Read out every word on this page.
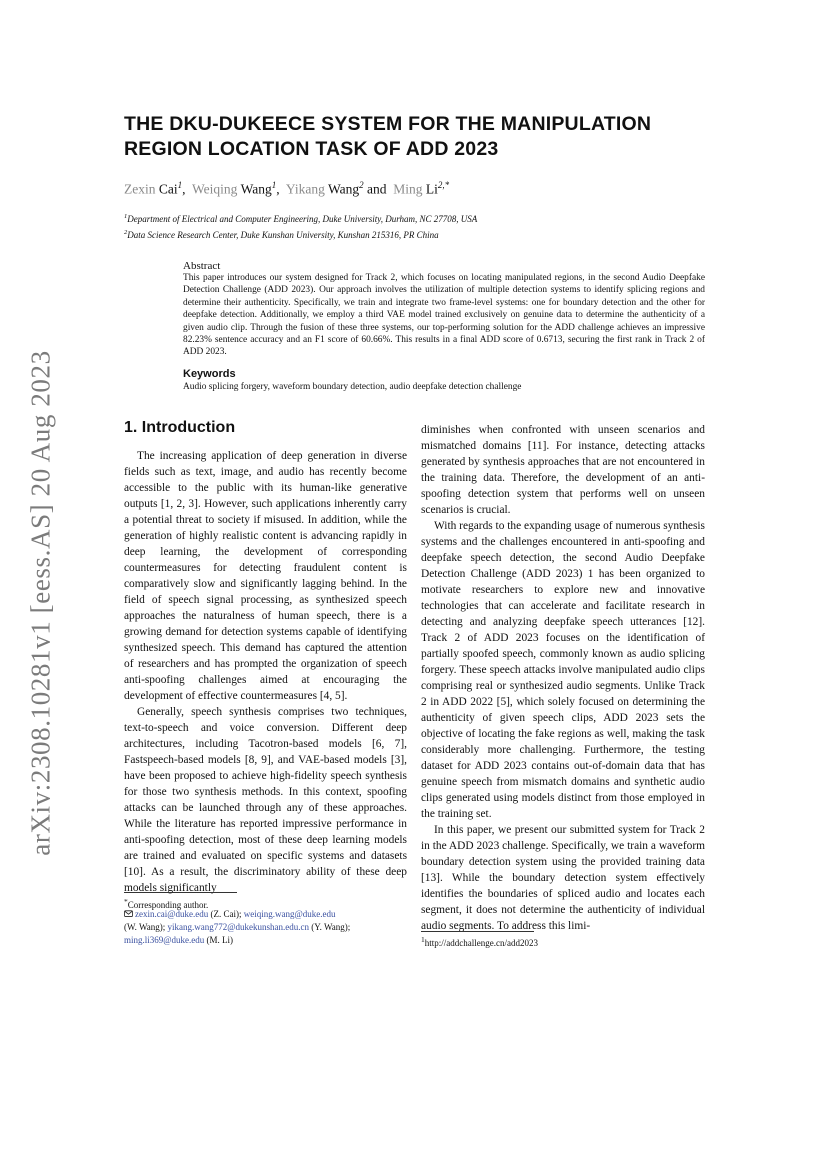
arXiv:2308.10281v1 [eess.AS] 20 Aug 2023
THE DKU-DUKEECE SYSTEM FOR THE MANIPULATION REGION LOCATION TASK OF ADD 2023
Zexin Cai$^1$, Weiqing Wang$^1$, Yikang Wang$^2$ and Ming $Li^{2,*}$
$^1$Department of Electrical and Computer Engineering, Duke University, Durham, NC 27708, USA
$^2$Data Science Research Center, Duke Kunshan University, Kunshan 215316, PR China
Abstract
This paper introduces our system designed for Track 2, which focuses on locating manipulated regions, in the second Audio Deepfake Detection Challenge (ADD 2023). Our approach involves the utilization of multiple detection systems to identify splicing regions and determine their authenticity. Specifically, we train and integrate two frame-level systems: one for boundary detection and the other for deepfake detection. Additionally, we employ a third VAE model trained exclusively on genuine data to determine the authenticity of a given audio clip. Through the fusion of these three systems, our top-performing solution for the ADD challenge achieves an impressive 82.23% sentence accuracy and an F1 score of 60.66%. This results in a final ADD score of 0.6713, securing the first rank in Track 2 of ADD 2023.
Keywords
Audio splicing forgery, waveform boundary detection, audio deepfake detection challenge
1. Introduction

The increasing application of deep generation in diverse fields such as text, image, and audio has recently become accessible to the public with its human-like generative outputs [1, 2, 3]. However, such applications inherently carry a potential threat to society if misused. In addition, while the generation of highly realistic content is advancing rapidly in deep learning, the development of corresponding countermeasures for detecting fraudulent content is comparatively slow and significantly lagging behind. In the field of speech signal processing, as synthesized speech approaches the naturalness of human speech, there is a growing demand for detection systems capable of identifying synthesized speech. This demand has captured the attention of researchers and has prompted the organization of speech anti-spoofing challenges aimed at encouraging the development of effective countermeasures [4, 5].

Generally, speech synthesis comprises two techniques, text-to-speech and voice conversion. Different deep architectures, including Tacotron-based models [6, 7], Fastspeech-based models [8, 9], and VAE-based models [3], have been proposed to achieve high-fidelity speech synthesis for those two synthesis methods. In this context, spoofing attacks can be launched through any of these approaches. While the literature has reported impressive performance in anti-spoofing detection, most of these deep learning models are trained and evaluated on specific systems and datasets [10]. As a result, the discriminatory ability of these deep models significantly

diminishes when confronted with unseen scenarios and mismatched domains [11]. For instance, detecting attacks generated by synthesis approaches that are not encountered in the training data. Therefore, the development of an anti-spoofing detection system that performs well on unseen scenarios is crucial.

With regards to the expanding usage of numerous synthesis systems and the challenges encountered in anti-spoofing and deepfake speech detection, the second Audio Deepfake Detection Challenge (ADD 2023) 1 has been organized to motivate researchers to explore new and innovative technologies that can accelerate and facilitate research in detecting and analyzing deepfake speech utterances [12]. Track 2 of ADD 2023 focuses on the identification of partially spoofed speech, commonly known as audio splicing forgery. These speech attacks involve manipulated audio clips comprising real or synthesized audio segments. Unlike Track 2 in ADD 2022 [5], which solely focused on determining the authenticity of given speech clips, ADD 2023 sets the objective of locating the fake regions as well, making the task considerably more challenging. Furthermore, the testing dataset for ADD 2023 contains out-of-domain data that has genuine speech from mismatch domains and synthetic audio clips generated using models distinct from those employed in the training set.

In this paper, we present our submitted system for Track 2 in the ADD 2023 challenge. Specifically, we train a waveform boundary detection system using the provided training data [13]. While the boundary detection system effectively identifies the boundaries of spliced audio and locates each segment, it does not determine the authenticity of individual audio segments. To address this limi-

*Corresponding author.
zexin.cai@duke.edu (Z. Cai); weiqing.wang@duke.edu
(W. Wang); yikang.wang772@dukekunshan.edu.cn (Y. Wang);
ming.li369@duke.edu (M. Li)	$^1$http://addchallenge.cn/add2023
